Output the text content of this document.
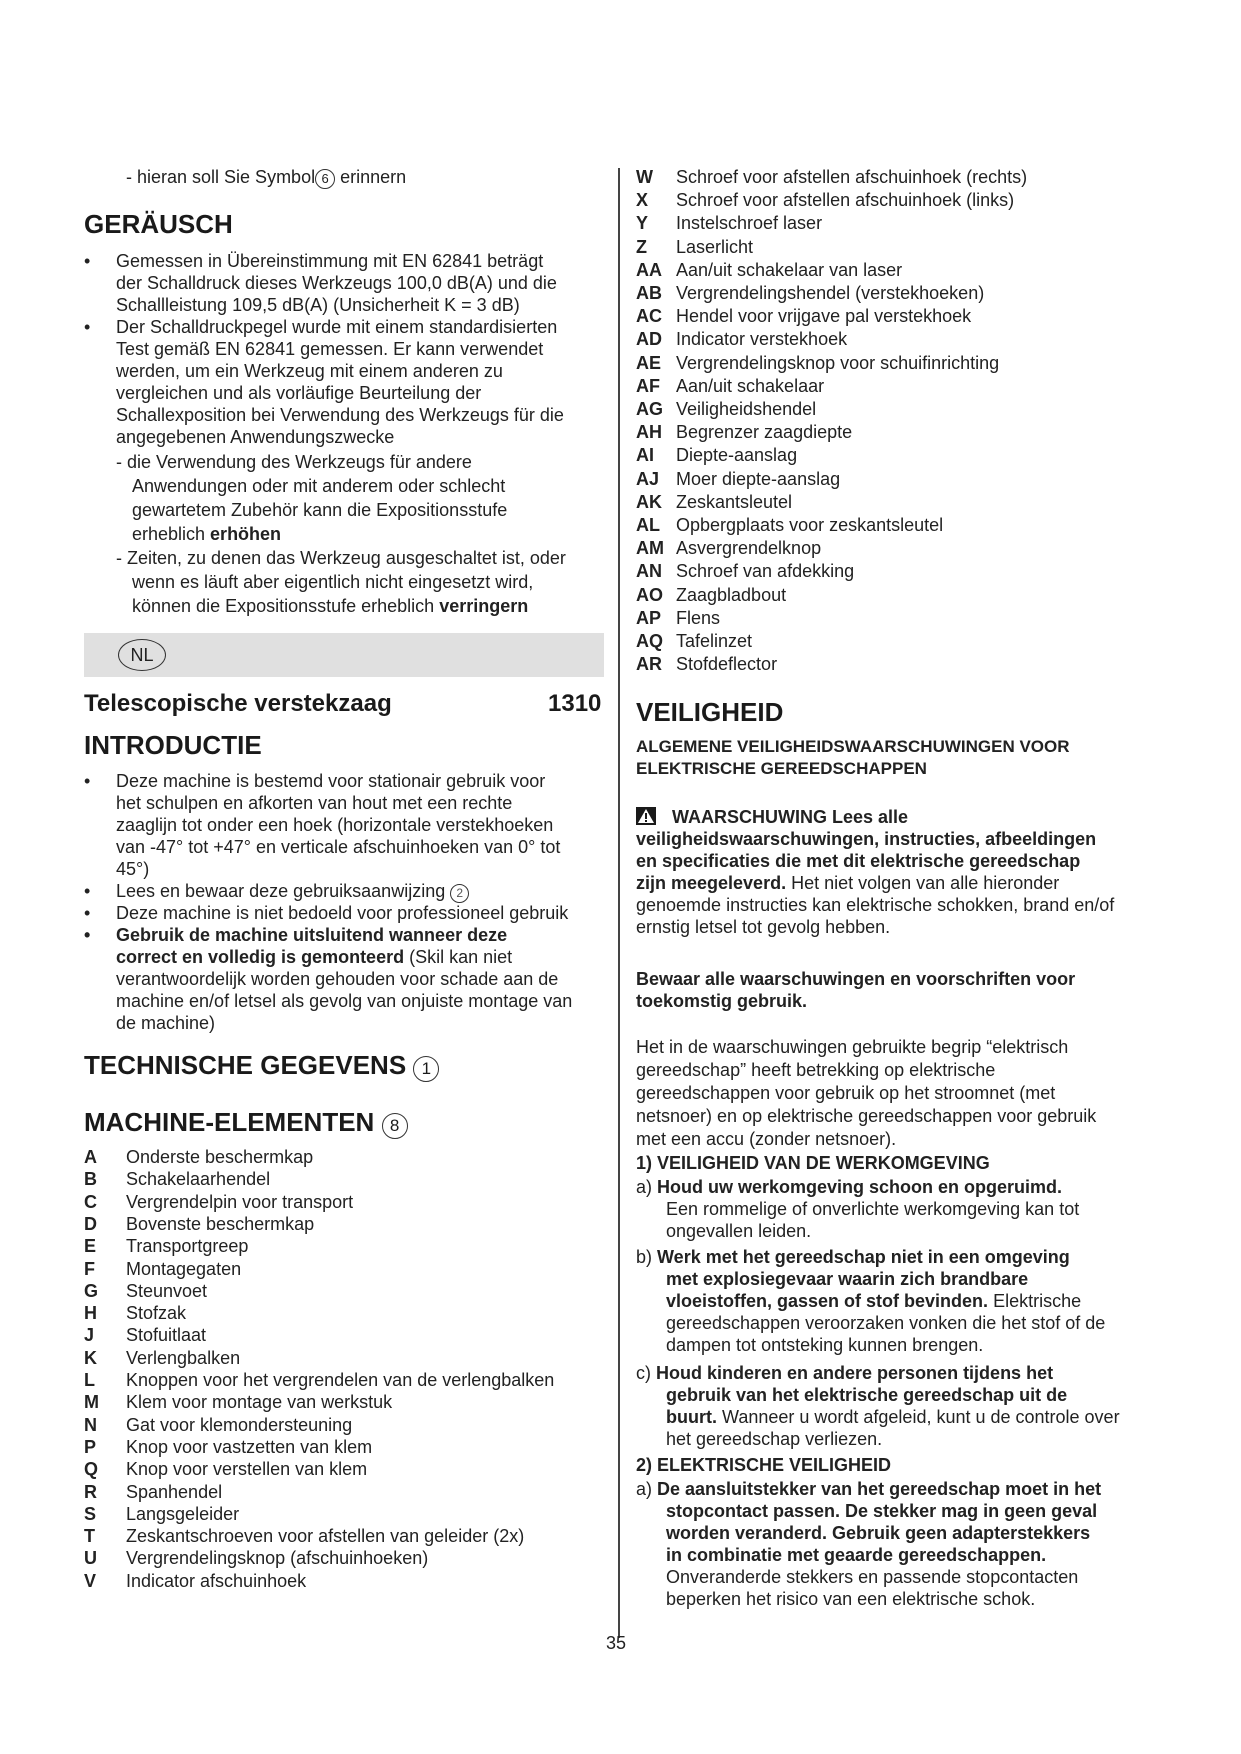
- hieran soll Sie Symbol 6 erinnern
GERÄUSCH
• Gemessen in Übereinstimmung mit EN 62841 beträgt
der Schalldruck dieses Werkzeugs 100,0 dB(A) und die
Schallleistung 109,5 dB(A) (Unsicherheit K = 3 dB)
• Der Schalldruckpegel wurde mit einem standardisierten
Test gemäß EN 62841 gemessen. Er kann verwendet
werden, um ein Werkzeug mit einem anderen zu
vergleichen und als vorläufige Beurteilung der
Schallexposition bei Verwendung des Werkzeugs für die
angegebenen Anwendungszwecke
- die Verwendung des Werkzeugs für andere
Anwendungen oder mit anderem oder schlecht
gewartetem Zubehör kann die Expositionsstufe
erheblich erhöhen
- Zeiten, zu denen das Werkzeug ausgeschaltet ist, oder
wenn es läuft aber eigentlich nicht eingesetzt wird,
können die Expositionsstufe erheblich verringern
NL
Telescopische verstekzaag	1310
INTRODUCTIE
• Deze machine is bestemd voor stationair gebruik voor
het schulpen en afkorten van hout met een rechte
zaaglijn tot onder een hoek (horizontale verstekhoeken
van -47° tot +47° en verticale afschuinhoeken van 0° tot
45°)
• Lees en bewaar deze gebruiksaanwijzing 2
• Deze machine is niet bedoeld voor professioneel gebruik
• Gebruik de machine uitsluitend wanneer deze
correct en volledig is gemonteerd (Skil kan niet
verantwoordelijk worden gehouden voor schade aan de
machine en/of letsel als gevolg van onjuiste montage van
de machine)
TECHNISCHE GEGEVENS 1
MACHINE-ELEMENTEN 8
A Onderste beschermkap
B Schakelaarhendel
C Vergrendelpin voor transport
D Bovenste beschermkap
E Transportgreep
F Montagegaten
G Steunvoet
H Stofzak
J Stofuitlaat
K Verlengbalken
L Knoppen voor het vergrendelen van de verlengbalken
M Klem voor montage van werkstuk
N Gat voor klemondersteuning
P Knop voor vastzetten van klem
Q Knop voor verstellen van klem
R Spanhendel
S Langsgeleider
T Zeskantschroeven voor afstellen van geleider (2x)
U Vergrendelingsknop (afschuinhoeken)
V Indicator afschuinhoek
W Schroef voor afstellen afschuinhoek (rechts)
X Schroef voor afstellen afschuinhoek (links)
Y Instelschroef laser
Z Laserlicht
AA Aan/uit schakelaar van laser
AB Vergrendelingshendel (verstekhoeken)
AC Hendel voor vrijgave pal verstekhoek
AD Indicator verstekhoek
AE Vergrendelingsknop voor schuifinrichting
AF Aan/uit schakelaar
AG Veiligheidshendel
AH Begrenzer zaagdiepte
AI Diepte-aanslag
AJ Moer diepte-aanslag
AK Zeskantsleutel
AL Opbergplaats voor zeskantsleutel
AM Asvergrendelknop
AN Schroef van afdekking
AO Zaagbladbout
AP Flens
AQ Tafelinzet
AR Stofdeflector
VEILIGHEID
ALGEMENE VEILIGHEIDSWAARSCHUWINGEN VOOR
ELEKTRISCHE GEREEDSCHAPPEN
WAARSCHUWING Lees alle
veiligheidswaarschuwingen, instructies, afbeeldingen
en specificaties die met dit elektrische gereedschap
zijn meegeleverd. Het niet volgen van alle hieronder
genoemde instructies kan elektrische schokken, brand en/of
ernstig letsel tot gevolg hebben.
Bewaar alle waarschuwingen en voorschriften voor
toekomstig gebruik.
Het in de waarschuwingen gebruikte begrip “elektrisch
gereedschap” heeft betrekking op elektrische
gereedschappen voor gebruik op het stroomnet (met
netsnoer) en op elektrische gereedschappen voor gebruik
met een accu (zonder netsnoer).
1) VEILIGHEID VAN DE WERKOMGEVING
a) Houd uw werkomgeving schoon en opgeruimd.
Een rommelige of onverlichte werkomgeving kan tot
ongevallen leiden.
b) Werk met het gereedschap niet in een omgeving
met explosiegevaar waarin zich brandbare
vloeistoffen, gassen of stof bevinden. Elektrische
gereedschappen veroorzaken vonken die het stof of de
dampen tot ontsteking kunnen brengen.
c) Houd kinderen en andere personen tijdens het
gebruik van het elektrische gereedschap uit de
buurt. Wanneer u wordt afgeleid, kunt u de controle over
het gereedschap verliezen.
2) ELEKTRISCHE VEILIGHEID
a) De aansluitstekker van het gereedschap moet in het
stopcontact passen. De stekker mag in geen geval
worden veranderd. Gebruik geen adapterstekkers
in combinatie met geaarde gereedschappen.
Onveranderde stekkers en passende stopcontacten
beperken het risico van een elektrische schok.
35
